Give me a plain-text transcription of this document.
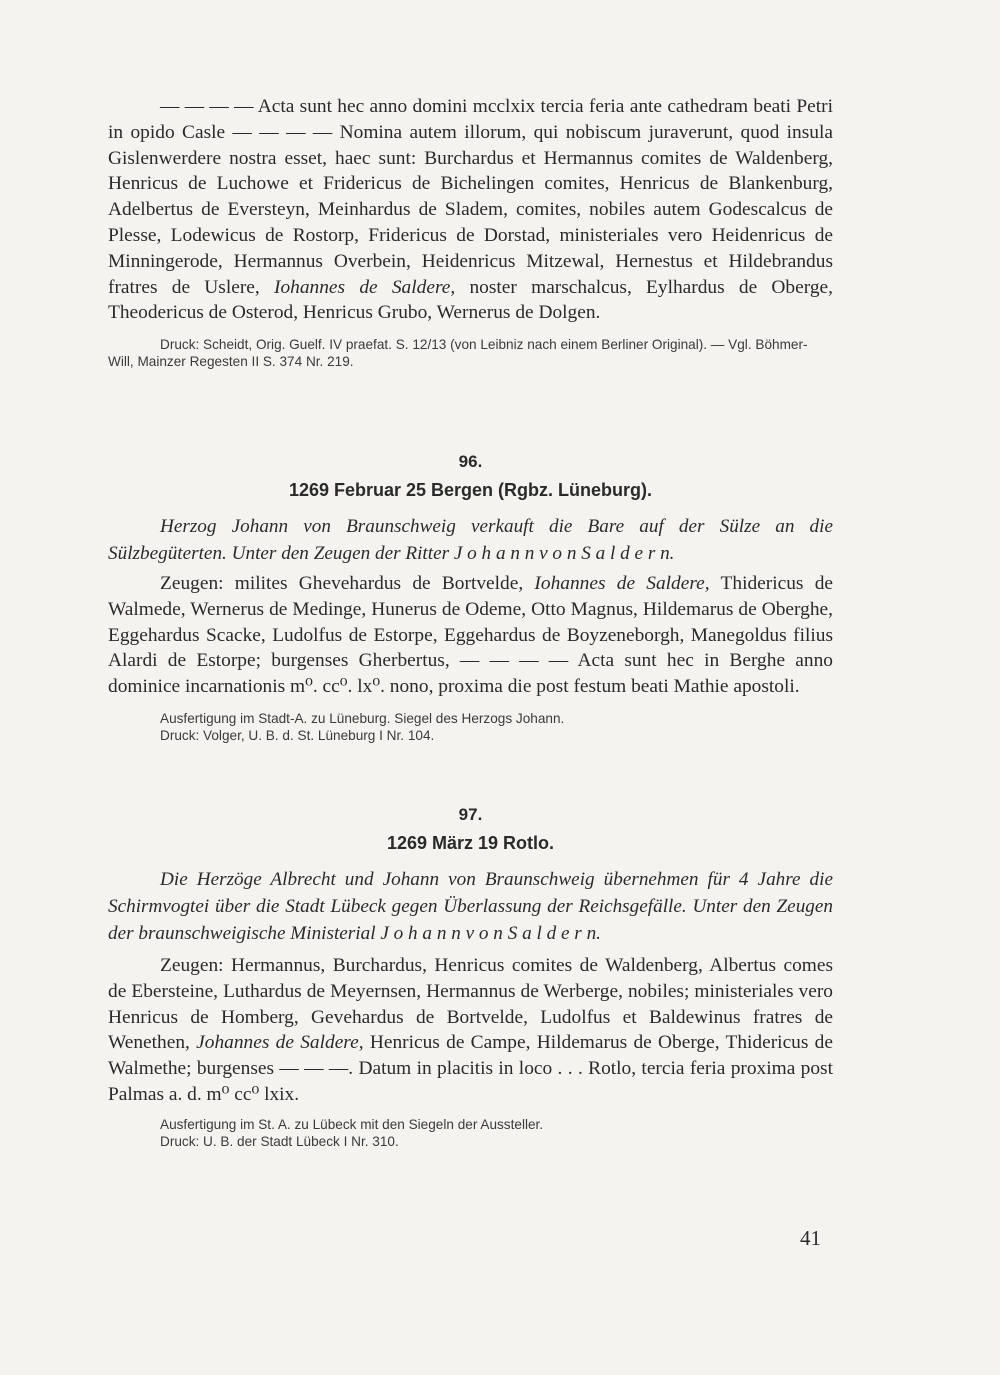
— — — — Acta sunt hec anno domini mcclxix tercia feria ante cathedram beati Petri in opido Casle — — — — Nomina autem illorum, qui nobiscum juraverunt, quod insula Gislenwerdere nostra esset, haec sunt: Burchardus et Hermannus comites de Waldenberg, Henricus de Luchowe et Fridericus de Bichelingen comites, Henricus de Blankenburg, Adelbertus de Eversteyn, Meinhardus de Sladem, comites, nobiles autem Godescalcus de Plesse, Lodewicus de Rostorp, Fridericus de Dorstad, ministeriales vero Heidenricus de Minningerode, Hermannus Overbein, Heidenricus Mitzewal, Hernestus et Hildebrandus fratres de Uslere, Iohannes de Saldere, noster marschalcus, Eylhardus de Oberge, Theodericus de Osterod, Henricus Grubo, Wernerus de Dolgen.

Druck: Scheidt, Orig. Guelf. IV praefat. S. 12/13 (von Leibniz nach einem Berliner Original). — Vgl. Böhmer-Will, Mainzer Regesten II S. 374 Nr. 219.

96.

1269 Februar 25 Bergen (Rgbz. Lüneburg).

Herzog Johann von Braunschweig verkauft die Bare auf der Sülze an die Sülzbegüterten. Unter den Zeugen der Ritter J o h a n n v o n S a l d e r n.

Zeugen: milites Ghevehardus de Bortvelde, Iohannes de Saldere, Thidericus de Walmede, Wernerus de Medinge, Hunerus de Odeme, Otto Magnus, Hildemarus de Oberghe, Eggehardus Scacke, Ludolfus de Estorpe, Eggehardus de Boyzeneborgh, Manegoldus filius Alardi de Estorpe; burgenses Gherbertus, — — — — Acta sunt hec in Berghe anno dominice incarnationis m⁰. cc⁰. lx⁰. nono, proxima die post festum beati Mathie apostoli.

Ausfertigung im Stadt-A. zu Lüneburg. Siegel des Herzogs Johann.

Druck: Volger, U. B. d. St. Lüneburg I Nr. 104.

97.

1269 März 19 Rotlo.

Die Herzöge Albrecht und Johann von Braunschweig übernehmen für 4 Jahre die Schirmvogtei über die Stadt Lübeck gegen Überlassung der Reichsgefälle. Unter den Zeugen der braunschweigische Ministerial J o h a n n v o n S a l d e r n.

Zeugen: Hermannus, Burchardus, Henricus comites de Waldenberg, Albertus comes de Ebersteine, Luthardus de Meyernsen, Hermannus de Werberge, nobiles; ministeriales vero Henricus de Homberg, Gevehardus de Bortvelde, Ludolfus et Baldewinus fratres de Wenethen, Johannes de Saldere, Henricus de Campe, Hildemarus de Oberge, Thidericus de Walmethe; burgenses — — —. Datum in placitis in loco . . . Rotlo, tercia feria proxima post Palmas a. d. m⁰ cc⁰ lxix.

Ausfertigung im St. A. zu Lübeck mit den Siegeln der Aussteller.

Druck: U. B. der Stadt Lübeck I Nr. 310.

41
